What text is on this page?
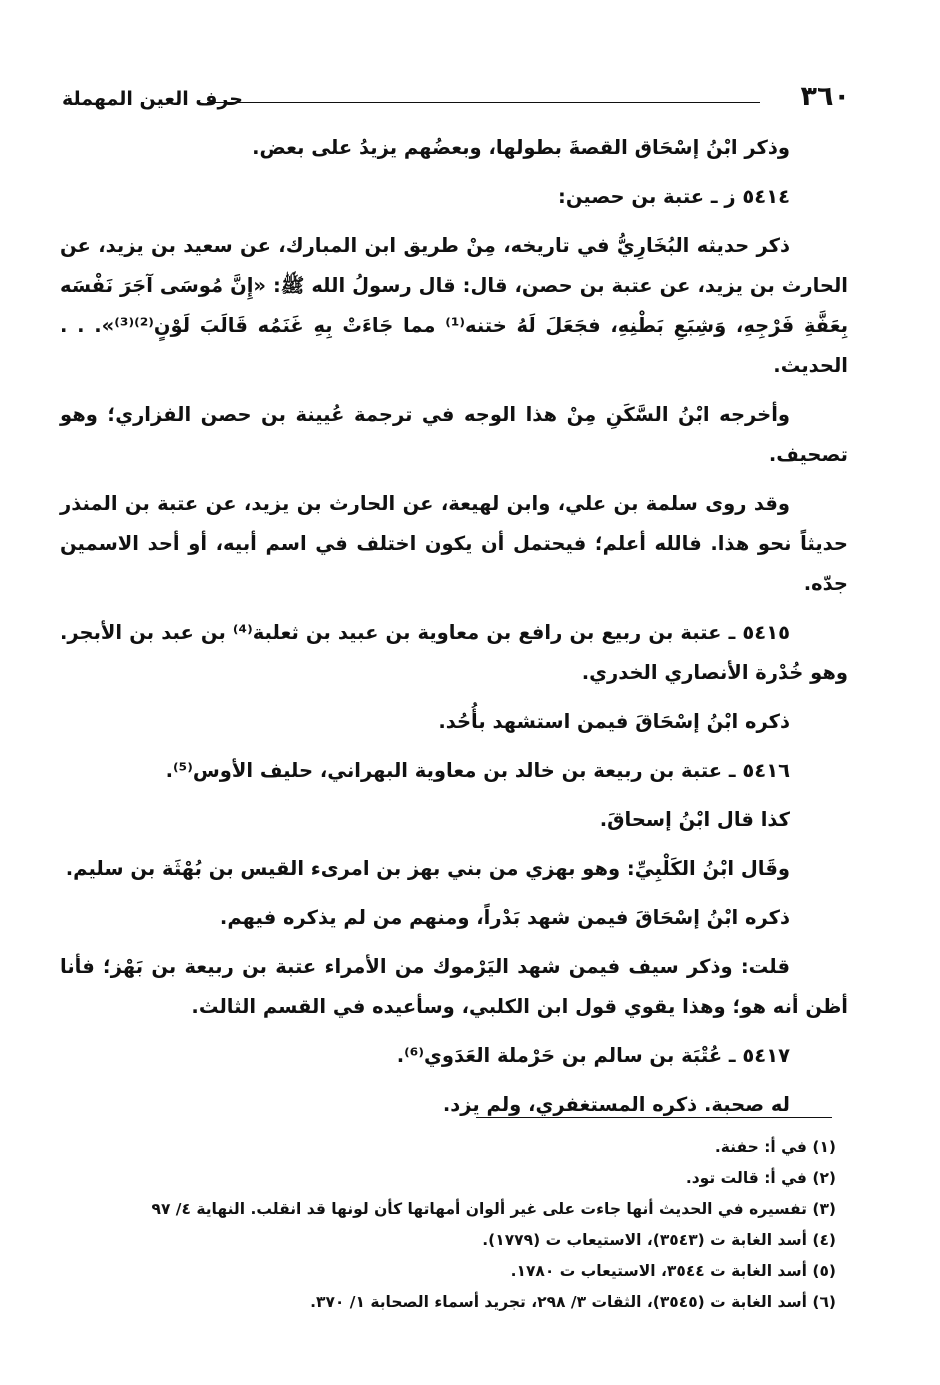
٣٦٠
حرف العين المهملة

وذكر ابْنُ إسْحَاق القصةَ بطولها، وبعضُهم يزيدُ على بعض.

٥٤١٤ ز ـ عتبة بن حصين:

ذكر حديثه البُخَارِيُّ في تاريخه، مِنْ طريق ابن المبارك، عن سعيد بن يزيد، عن الحارث بن يزيد، عن عتبة بن حصن، قال: قال رسولُ الله ﷺ: «إِنَّ مُوسَى آجَرَ نَفْسَه بِعَفَّةِ فَرْجِهِ، وَشِبَعِ بَطْنِهِ، فجَعَلَ لَهُ ختنه⁽¹⁾ مما جَاءَتْ بِهِ غَنَمُه قَالَبَ لَوْنٍ⁽²⁾⁽³⁾». . . الحديث.

وأخرجه ابْنُ السَّكَنِ مِنْ هذا الوجه في ترجمة عُيينة بن حصن الفزاري؛ وهو تصحيف.

وقد روى سلمة بن علي، وابن لهيعة، عن الحارث بن يزيد، عن عتبة بن المنذر حديثاً نحو هذا. فالله أعلم؛ فيحتمل أن يكون اختلف في اسم أبيه، أو أحد الاسمين جدّه.

٥٤١٥ ـ عتبة بن ربيع بن رافع بن معاوية بن عبيد بن ثعلبة⁽⁴⁾ بن عبد بن الأبجر. وهو خُدْرة الأنصاري الخدري.

ذكره ابْنُ إسْحَاقَ فيمن استشهد بأُحُد.

٥٤١٦ ـ عتبة بن ربيعة بن خالد بن معاوية البهراني، حليف الأوس⁽⁵⁾.

كذا قال ابْنُ إسحاقَ.

وقَال ابْنُ الكَلْبِيِّ: وهو بهزي من بني بهز بن امرىء القيس بن بُهْثَة بن سليم.

ذكره ابْنُ إسْحَاقَ فيمن شهد بَدْراً، ومنهم من لم يذكره فيهم.

قلت: وذكر سيف فيمن شهد اليَرْموك من الأمراء عتبة بن ربيعة بن بَهْز؛ فأنا أظن أنه هو؛ وهذا يقوي قول ابن الكلبي، وسأعيده في القسم الثالث.

٥٤١٧ ـ عُتْبَة بن سالم بن حَرْملة العَدَوي⁽⁶⁾.

له صحبة. ذكره المستغفري، ولم يزد.

(١) في أ: حفنة.
(٢) في أ: قالت تود.
(٣) تفسيره في الحديث أنها جاءت على غير ألوان أمهاتها كأن لونها قد انقلب. النهاية ٤/ ٩٧
(٤) أسد الغابة ت (٣٥٤٣)، الاستيعاب ت (١٧٧٩).
(٥) أسد الغابة ت ٣٥٤٤، الاستيعاب ت ١٧٨٠.
(٦) أسد الغابة ت (٣٥٤٥)، الثقات ٣/ ٢٩٨، تجريد أسماء الصحابة ١/ ٣٧٠.
